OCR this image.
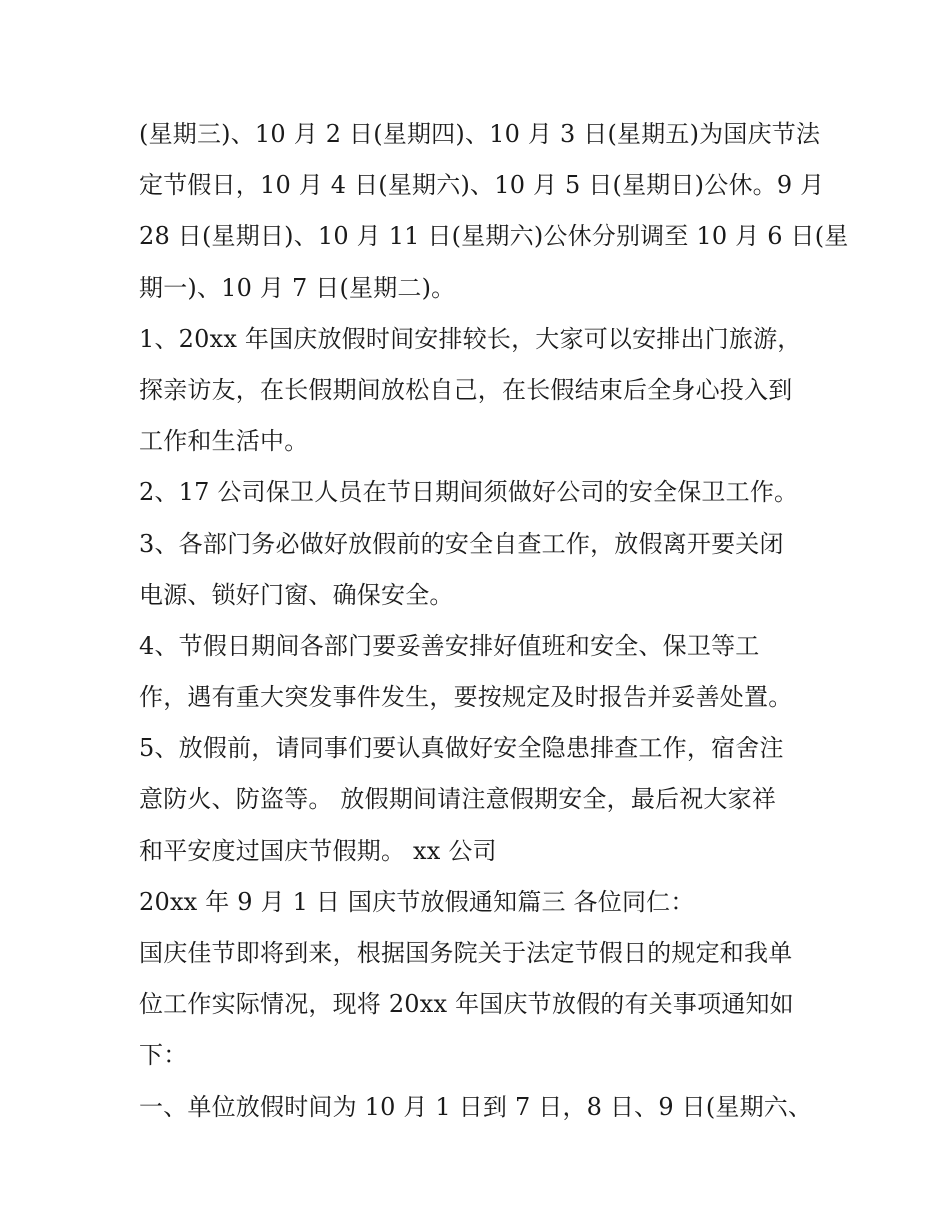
(星期三)、10 月 2 日(星期四)、10 月 3 日(星期五)为国庆节法
定节假日，10 月 4 日(星期六)、10 月 5 日(星期日)公休。9 月
28 日(星期日)、10 月 11 日(星期六)公休分别调至 10 月 6 日(星
期一)、10 月 7 日(星期二)。
1、20xx 年国庆放假时间安排较长，大家可以安排出门旅游，
探亲访友，在长假期间放松自己，在长假结束后全身心投入到
工作和生活中。
2、17 公司保卫人员在节日期间须做好公司的安全保卫工作。
3、各部门务必做好放假前的安全自查工作，放假离开要关闭
电源、锁好门窗、确保安全。
4、节假日期间各部门要妥善安排好值班和安全、保卫等工
作，遇有重大突发事件发生，要按规定及时报告并妥善处置。
5、放假前，请同事们要认真做好安全隐患排查工作，宿舍注
意防火、防盗等。 放假期间请注意假期安全，最后祝大家祥
和平安度过国庆节假期。 xx 公司
20xx 年 9 月 1 日 国庆节放假通知篇三 各位同仁：
国庆佳节即将到来，根据国务院关于法定节假日的规定和我单
位工作实际情况，现将 20xx 年国庆节放假的有关事项通知如
下：
一、单位放假时间为 10 月 1 日到 7 日，8 日、9 日(星期六、
